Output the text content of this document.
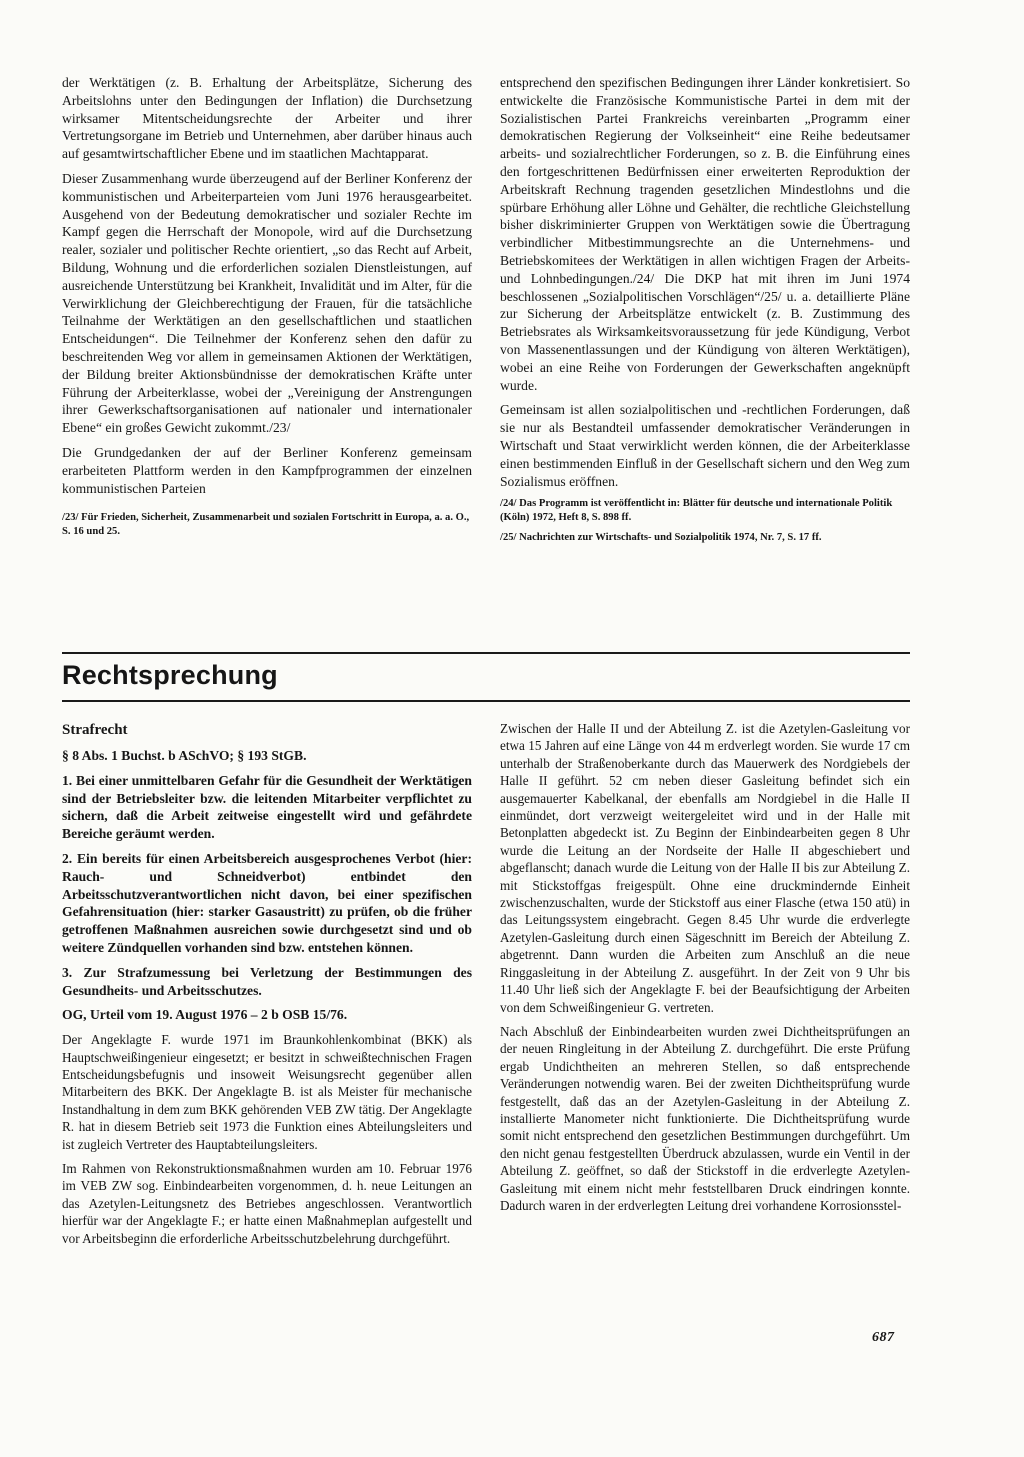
der Werktätigen (z. B. Erhaltung der Arbeitsplätze, Sicherung des Arbeitslohns unter den Bedingungen der Inflation) die Durchsetzung wirksamer Mitentscheidungsrechte der Arbeiter und ihrer Vertretungsorgane im Betrieb und Unternehmen, aber darüber hinaus auch auf gesamtwirtschaftlicher Ebene und im staatlichen Machtapparat.

Dieser Zusammenhang wurde überzeugend auf der Berliner Konferenz der kommunistischen und Arbeiterparteien vom Juni 1976 herausgearbeitet. Ausgehend von der Bedeutung demokratischer und sozialer Rechte im Kampf gegen die Herrschaft der Monopole, wird auf die Durchsetzung realer, sozialer und politischer Rechte orientiert, „so das Recht auf Arbeit, Bildung, Wohnung und die erforderlichen sozialen Dienstleistungen, auf ausreichende Unterstützung bei Krankheit, Invalidität und im Alter, für die Verwirklichung der Gleichberechtigung der Frauen, für die tatsächliche Teilnahme der Werktätigen an den gesellschaftlichen und staatlichen Entscheidungen“. Die Teilnehmer der Konferenz sehen den dafür zu beschreitenden Weg vor allem in gemeinsamen Aktionen der Werktätigen, der Bildung breiter Aktionsbündnisse der demokratischen Kräfte unter Führung der Arbeiterklasse, wobei der „Vereinigung der Anstrengungen ihrer Gewerkschaftsorganisationen auf nationaler und internationaler Ebene“ ein großes Gewicht zukommt./23/

Die Grundgedanken der auf der Berliner Konferenz gemeinsam erarbeiteten Plattform werden in den Kampfprogrammen der einzelnen kommunistischen Parteien

/23/ Für Frieden, Sicherheit, Zusammenarbeit und sozialen Fortschritt in Europa, a. a. O., S. 16 und 25.

entsprechend den spezifischen Bedingungen ihrer Länder konkretisiert. So entwickelte die Französische Kommunistische Partei in dem mit der Sozialistischen Partei Frankreichs vereinbarten „Programm einer demokratischen Regierung der Volkseinheit“ eine Reihe bedeutsamer arbeits- und sozialrechtlicher Forderungen, so z. B. die Einführung eines den fortgeschrittenen Bedürfnissen einer erweiterten Reproduktion der Arbeitskraft Rechnung tragenden gesetzlichen Mindestlohns und die spürbare Erhöhung aller Löhne und Gehälter, die rechtliche Gleichstellung bisher diskriminierter Gruppen von Werktätigen sowie die Übertragung verbindlicher Mitbestimmungsrechte an die Unternehmens- und Betriebskomitees der Werktätigen in allen wichtigen Fragen der Arbeits- und Lohnbedingungen./24/ Die DKP hat mit ihren im Juni 1974 beschlossenen „Sozialpolitischen Vorschlägen“/25/ u. a. detaillierte Pläne zur Sicherung der Arbeitsplätze entwickelt (z. B. Zustimmung des Betriebsrates als Wirksamkeitsvoraussetzung für jede Kündigung, Verbot von Massenentlassungen und der Kündigung von älteren Werktätigen), wobei an eine Reihe von Forderungen der Gewerkschaften angeknüpft wurde.

Gemeinsam ist allen sozialpolitischen und -rechtlichen Forderungen, daß sie nur als Bestandteil umfassender demokratischer Veränderungen in Wirtschaft und Staat verwirklicht werden können, die der Arbeiterklasse einen bestimmenden Einfluß in der Gesellschaft sichern und den Weg zum Sozialismus eröffnen.

/24/ Das Programm ist veröffentlicht in: Blätter für deutsche und internationale Politik (Köln) 1972, Heft 8, S. 898 ff.

/25/ Nachrichten zur Wirtschafts- und Sozialpolitik 1974, Nr. 7, S. 17 ff.

Rechtsprechung

Strafrecht

§ 8 Abs. 1 Buchst. b ASchVO; § 193 StGB.

1. Bei einer unmittelbaren Gefahr für die Gesundheit der Werktätigen sind der Betriebsleiter bzw. die leitenden Mitarbeiter verpflichtet zu sichern, daß die Arbeit zeitweise eingestellt wird und gefährdete Bereiche geräumt werden.

2. Ein bereits für einen Arbeitsbereich ausgesprochenes Verbot (hier: Rauch- und Schneidverbot) entbindet den Arbeitsschutzverantwortlichen nicht davon, bei einer spezifischen Gefahrensituation (hier: starker Gasaustritt) zu prüfen, ob die früher getroffenen Maßnahmen ausreichen sowie durchgesetzt sind und ob weitere Zündquellen vorhanden sind bzw. entstehen können.

3. Zur Strafzumessung bei Verletzung der Bestimmungen des Gesundheits- und Arbeitsschutzes.

OG, Urteil vom 19. August 1976 – 2 b OSB 15/76.

Der Angeklagte F. wurde 1971 im Braunkohlenkombinat (BKK) als Hauptschweißingenieur eingesetzt; er besitzt in schweißtechnischen Fragen Entscheidungsbefugnis und insoweit Weisungsrecht gegenüber allen Mitarbeitern des BKK. Der Angeklagte B. ist als Meister für mechanische Instandhaltung in dem zum BKK gehörenden VEB ZW tätig. Der Angeklagte R. hat in diesem Betrieb seit 1973 die Funktion eines Abteilungsleiters und ist zugleich Vertreter des Hauptabteilungsleiters.

Im Rahmen von Rekonstruktionsmaßnahmen wurden am 10. Februar 1976 im VEB ZW sog. Einbindearbeiten vorgenommen, d. h. neue Leitungen an das Azetylen-Leitungsnetz des Betriebes angeschlossen. Verantwortlich hierfür war der Angeklagte F.; er hatte einen Maßnahmeplan aufgestellt und vor Arbeitsbeginn die erforderliche Arbeitsschutzbelehrung durchgeführt.

Zwischen der Halle II und der Abteilung Z. ist die Azetylen-Gasleitung vor etwa 15 Jahren auf eine Länge von 44 m erdverlegt worden. Sie wurde 17 cm unterhalb der Straßenoberkante durch das Mauerwerk des Nordgiebels der Halle II geführt. 52 cm neben dieser Gasleitung befindet sich ein ausgemauerter Kabelkanal, der ebenfalls am Nordgiebel in die Halle II einmündet, dort verzweigt weitergeleitet wird und in der Halle mit Betonplatten abgedeckt ist. Zu Beginn der Einbindearbeiten gegen 8 Uhr wurde die Leitung an der Nordseite der Halle II abgeschiebert und abgeflanscht; danach wurde die Leitung von der Halle II bis zur Abteilung Z. mit Stickstoffgas freigespült. Ohne eine druckmindernde Einheit zwischenzuschalten, wurde der Stickstoff aus einer Flasche (etwa 150 atü) in das Leitungssystem eingebracht. Gegen 8.45 Uhr wurde die erdverlegte Azetylen-Gasleitung durch einen Sägeschnitt im Bereich der Abteilung Z. abgetrennt. Dann wurden die Arbeiten zum Anschluß an die neue Ringgasleitung in der Abteilung Z. ausgeführt. In der Zeit von 9 Uhr bis 11.40 Uhr ließ sich der Angeklagte F. bei der Beaufsichtigung der Arbeiten von dem Schweißingenieur G. vertreten.

Nach Abschluß der Einbindearbeiten wurden zwei Dichtheitsprüfungen an der neuen Ringleitung in der Abteilung Z. durchgeführt. Die erste Prüfung ergab Undichtheiten an mehreren Stellen, so daß entsprechende Veränderungen notwendig waren. Bei der zweiten Dichtheitsprüfung wurde festgestellt, daß das an der Azetylen-Gasleitung in der Abteilung Z. installierte Manometer nicht funktionierte. Die Dichtheitsprüfung wurde somit nicht entsprechend den gesetzlichen Bestimmungen durchgeführt. Um den nicht genau festgestellten Überdruck abzulassen, wurde ein Ventil in der Abteilung Z. geöffnet, so daß der Stickstoff in die erdverlegte Azetylen-Gasleitung mit einem nicht mehr feststellbaren Druck eindringen konnte. Dadurch waren in der erdverlegten Leitung drei vorhandene Korrosionsstel-

687
